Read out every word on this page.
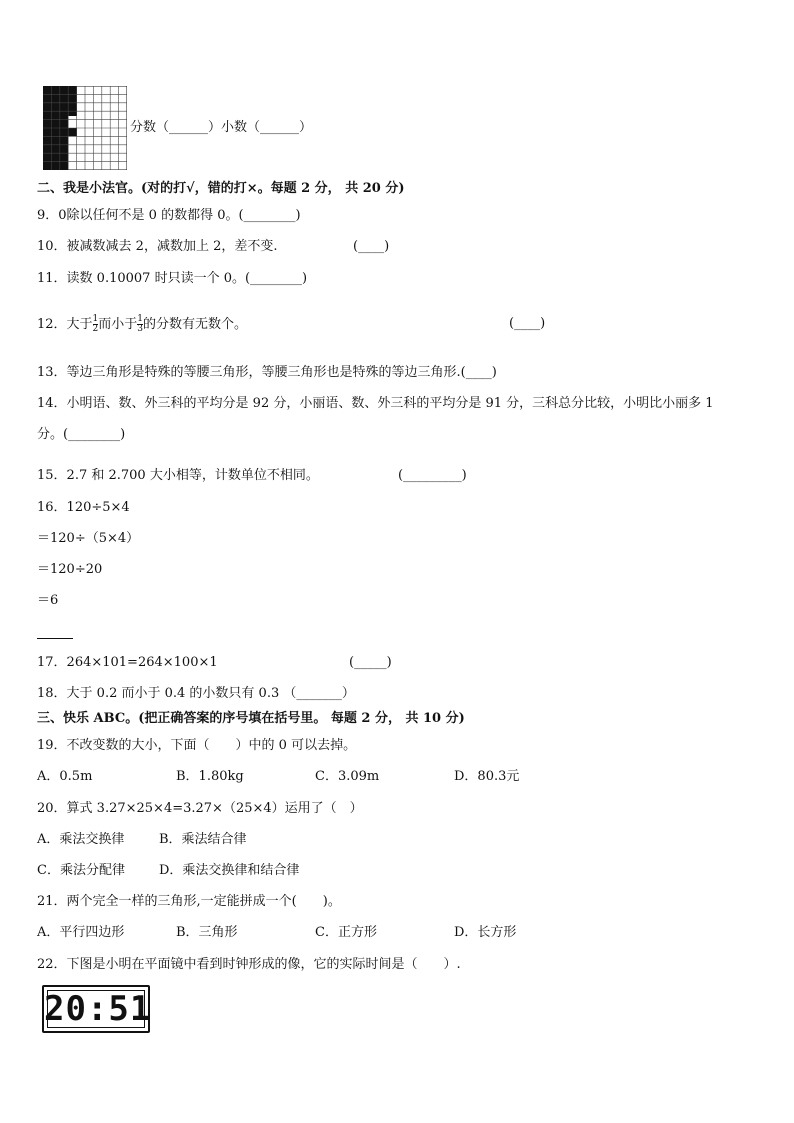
分数（______）小数（______）
二、我是小法官。(对的打√，错的打×。每题 2 分， 共 20 分)
9．0除以任何不是 0 的数都得 0。(________)
10．被减数减去 2，减数加上 2，差不变.	(____)
11．读数 0.10007 时只读一个 0。(________)
12．大于 $\frac{1}{2}$ 而小于 $\frac{1}{3}$ 的分数有无数个。	(____)
13．等边三角形是特殊的等腰三角形，等腰三角形也是特殊的等边三角形.(____)
14．小明语、数、外三科的平均分是 92 分，小丽语、数、外三科的平均分是 91 分，三科总分比较，小明比小丽多 1
分。(________)
15．2.7 和 2.700 大小相等，计数单位不相同。	(_________)
16．120÷5×4
＝120÷（5×4）
＝120÷20
＝6
17．264×101=264×100×1	(_____)
18．大于 0.2 而小于 0.4 的小数只有 0.3 （_______）
三、快乐 ABC。(把正确答案的序号填在括号里。 每题 2 分， 共 10 分)
19．不改变数的大小，下面（　　）中的 0 可以去掉。
A．0.5m	B．1.80kg	C．3.09m	D．80.3元
20．算式 3.27×25×4=3.27×（25×4）运用了（　）
A．乘法交换律	B．乘法结合律
C．乘法分配律	D．乘法交换律和结合律
21．两个完全一样的三角形,一定能拼成一个(　　)。
A．平行四边形	B．三角形	C．正方形	D．长方形
22．下图是小明在平面镜中看到时钟形成的像，它的实际时间是（　　）.
20:51
